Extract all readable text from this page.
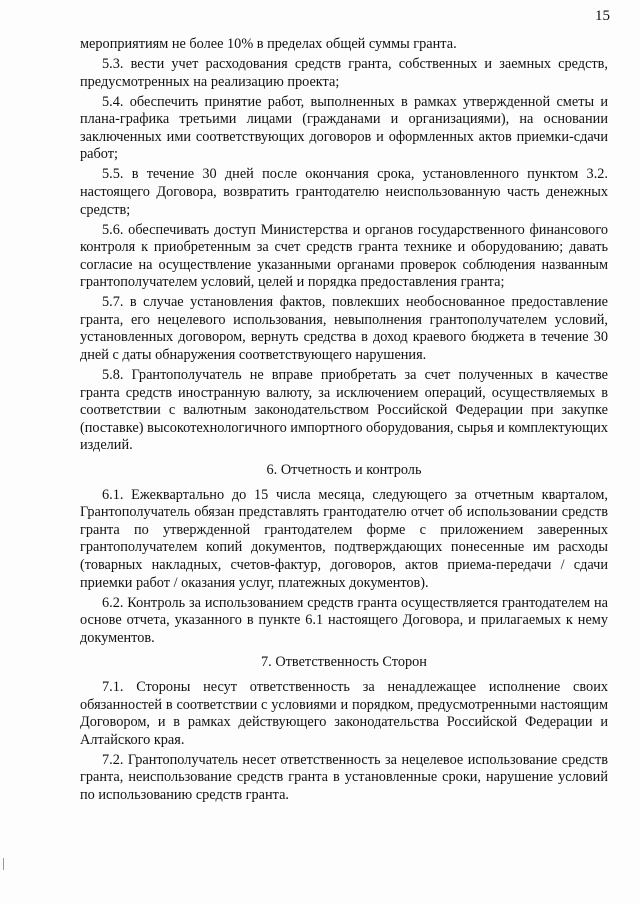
15

мероприятиям не более 10% в пределах общей суммы гранта.

5.3. вести учет расходования средств гранта, собственных и заемных средств, предусмотренных на реализацию проекта;

5.4. обеспечить принятие работ, выполненных в рамках утвержденной сметы и плана-графика третьими лицами (гражданами и организациями), на основании заключенных ими соответствующих договоров и оформленных актов приемки-сдачи работ;

5.5. в течение 30 дней после окончания срока, установленного пунктом 3.2. настоящего Договора, возвратить грантодателю неиспользованную часть денежных средств;

5.6. обеспечивать доступ Министерства и органов государственного финансового контроля к приобретенным за счет средств гранта технике и оборудованию; давать согласие на осуществление указанными органами проверок соблюдения названным грантополучателем условий, целей и порядка предоставления гранта;

5.7. в случае установления фактов, повлекших необоснованное предоставление гранта, его нецелевого использования, невыполнения грантополучателем условий, установленных договором, вернуть средства в доход краевого бюджета в течение 30 дней с даты обнаружения соответствующего нарушения.

5.8. Грантополучатель не вправе приобретать за счет полученных в качестве гранта средств иностранную валюту, за исключением операций, осуществляемых в соответствии с валютным законодательством Российской Федерации при закупке (поставке) высокотехнологичного импортного оборудования, сырья и комплектующих изделий.

6. Отчетность и контроль

6.1. Ежеквартально до 15 числа месяца, следующего за отчетным кварталом, Грантополучатель обязан представлять грантодателю отчет об использовании средств гранта по утвержденной грантодателем форме с приложением заверенных грантополучателем копий документов, подтверждающих понесенные им расходы (товарных накладных, счетов-фактур, договоров, актов приема-передачи / сдачи приемки работ / оказания услуг, платежных документов).

6.2. Контроль за использованием средств гранта осуществляется грантодателем на основе отчета, указанного в пункте 6.1 настоящего Договора, и прилагаемых к нему документов.

7. Ответственность Сторон

7.1. Стороны несут ответственность за ненадлежащее исполнение своих обязанностей в соответствии с условиями и порядком, предусмотренными настоящим Договором, и в рамках действующего законодательства Российской Федерации и Алтайского края.

7.2. Грантополучатель несет ответственность за нецелевое использование средств гранта, неиспользование средств гранта в установленные сроки, нарушение условий по использованию средств гранта.
